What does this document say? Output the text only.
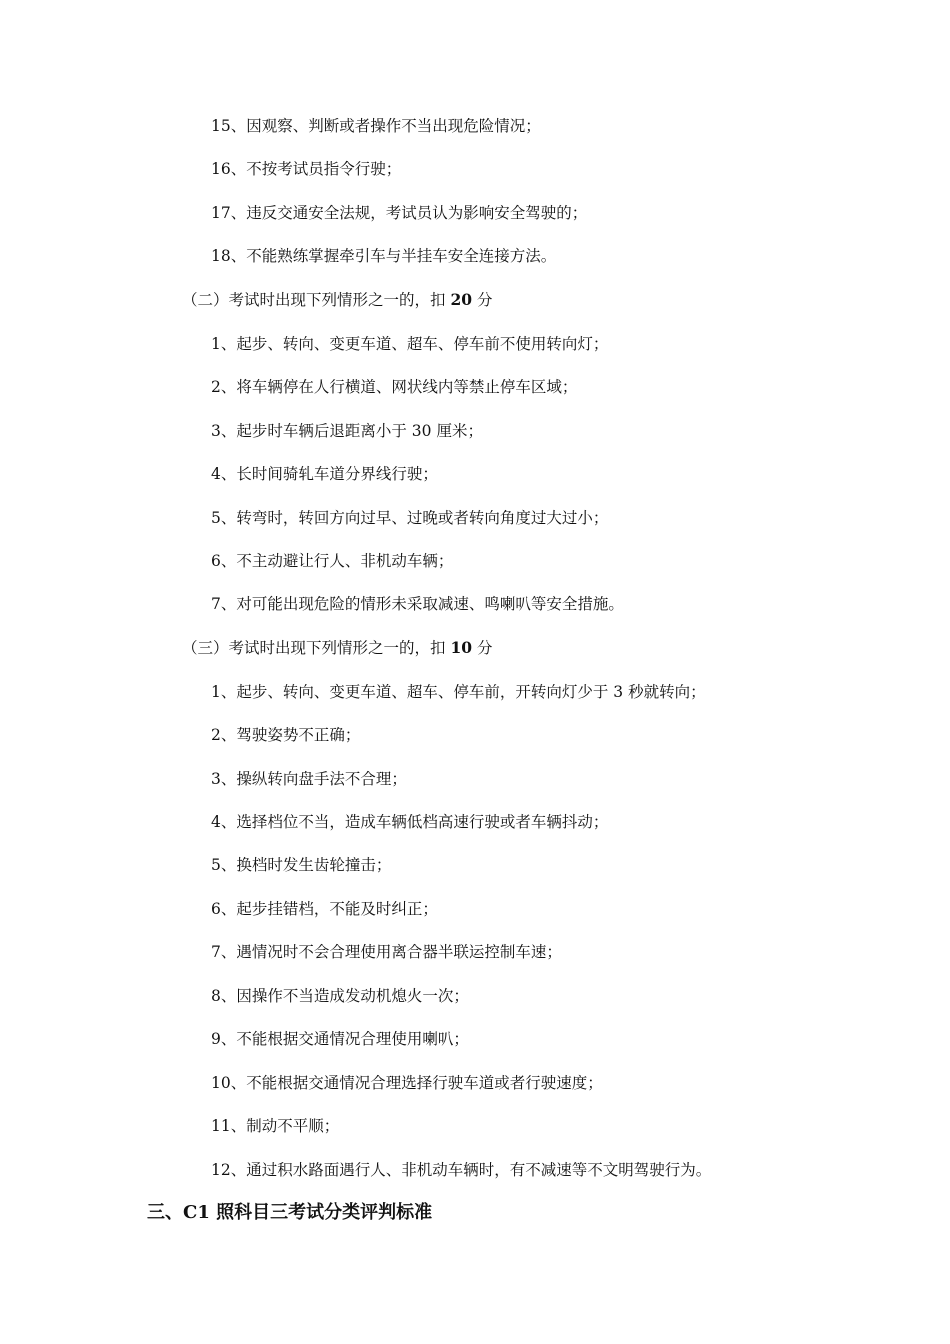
15、因观察、判断或者操作不当出现危险情况；
16、不按考试员指令行驶；
17、违反交通安全法规，考试员认为影响安全驾驶的；
18、不能熟练掌握牵引车与半挂车安全连接方法。
（二）考试时出现下列情形之一的，扣 20 分
1、起步、转向、变更车道、超车、停车前不使用转向灯；
2、将车辆停在人行横道、网状线内等禁止停车区域；
3、起步时车辆后退距离小于 30 厘米；
4、长时间骑轧车道分界线行驶；
5、转弯时，转回方向过早、过晚或者转向角度过大过小；
6、不主动避让行人、非机动车辆；
7、对可能出现危险的情形未采取减速、鸣喇叭等安全措施。
（三）考试时出现下列情形之一的，扣 10 分
1、起步、转向、变更车道、超车、停车前，开转向灯少于 3 秒就转向；
2、驾驶姿势不正确；
3、操纵转向盘手法不合理；
4、选择档位不当，造成车辆低档高速行驶或者车辆抖动；
5、换档时发生齿轮撞击；
6、起步挂错档，不能及时纠正；
7、遇情况时不会合理使用离合器半联运控制车速；
8、因操作不当造成发动机熄火一次；
9、不能根据交通情况合理使用喇叭；
10、不能根据交通情况合理选择行驶车道或者行驶速度；
11、制动不平顺；
12、通过积水路面遇行人、非机动车辆时，有不减速等不文明驾驶行为。
三、C1 照科目三考试分类评判标准
